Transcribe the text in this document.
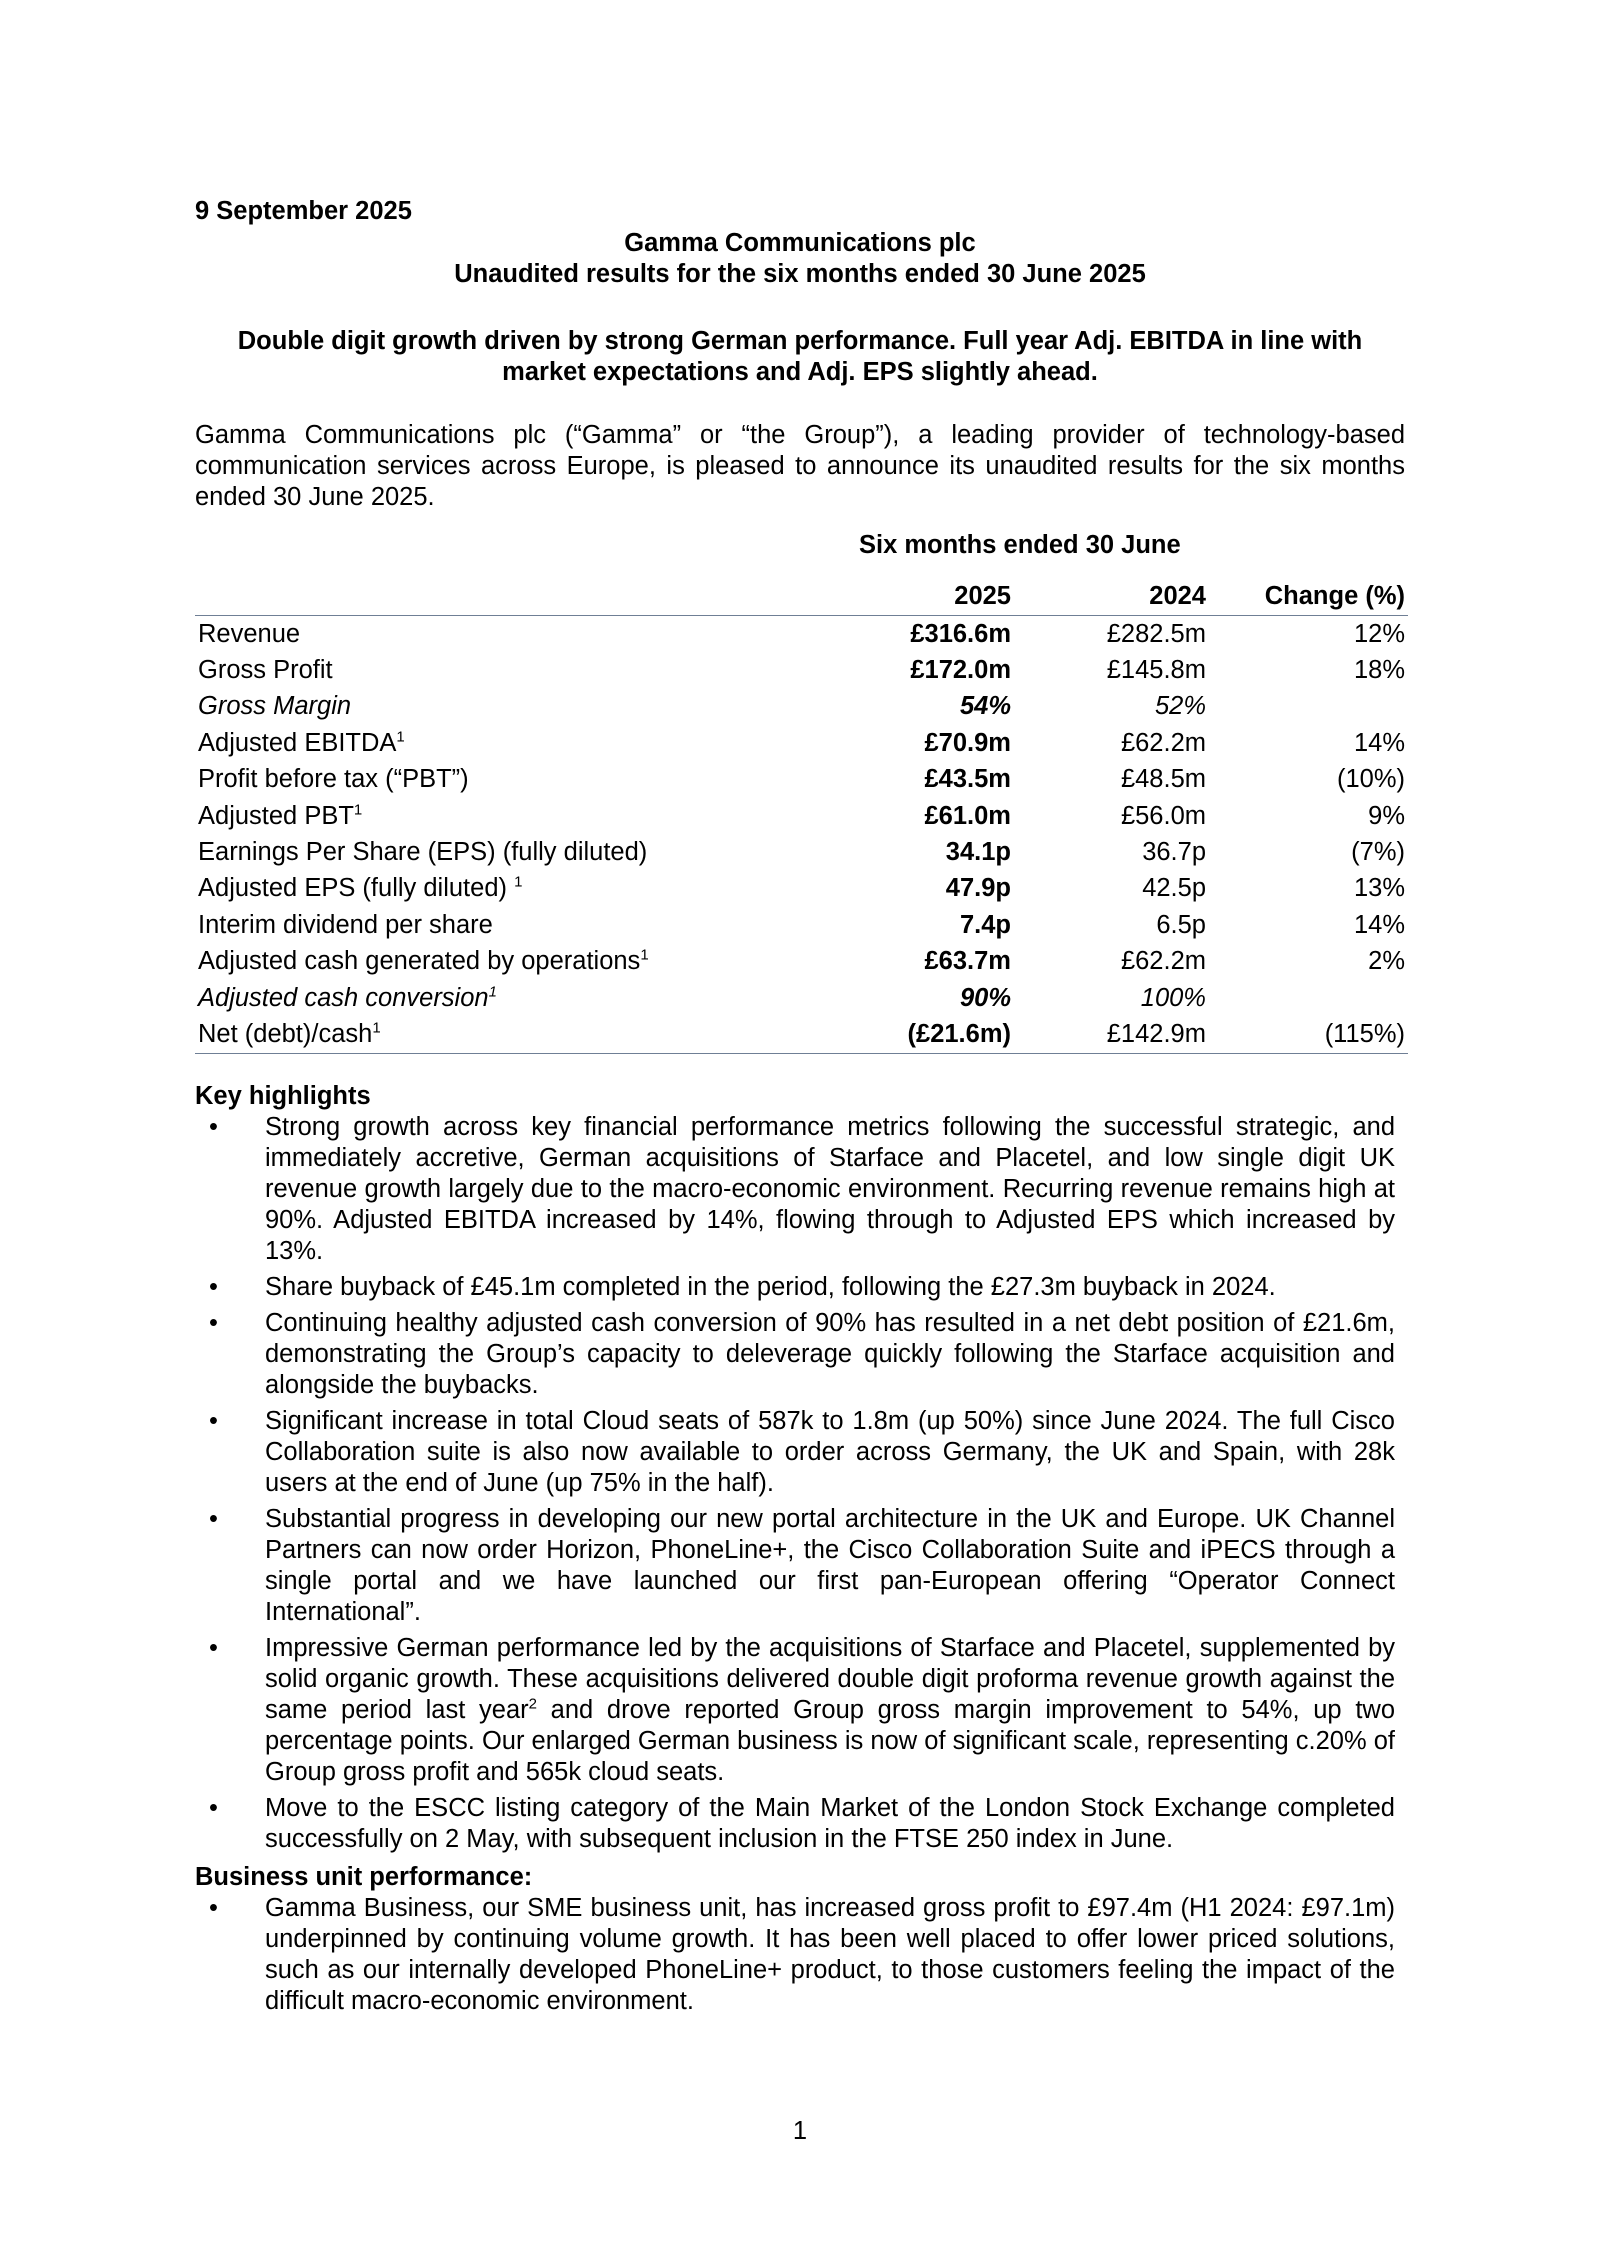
9 September 2025
Gamma Communications plc
Unaudited results for the six months ended 30 June 2025
Double digit growth driven by strong German performance. Full year Adj. EBITDA in line with
market expectations and Adj. EPS slightly ahead.
Gamma Communications plc (“Gamma” or “the Group”), a leading provider of technology-based communication services across Europe, is pleased to announce its unaudited results for the six months ended 30 June 2025.
Six months ended 30 June
	2025	2024	Change (%)
Revenue	£316.6m	£282.5m	12%
Gross Profit	£172.0m	£145.8m	18%
Gross Margin	54%	52%	
Adjusted EBITDA$^1$	£70.9m	£62.2m	14%
Profit before tax (“PBT”)	£43.5m	£48.5m	(10%)
Adjusted PBT$^1$	£61.0m	£56.0m	9%
Earnings Per Share (EPS) (fully diluted)	34.1p	36.7p	(7%)
Adjusted EPS (fully diluted) $^1$	47.9p	42.5p	13%
Interim dividend per share	7.4p	6.5p	14%
Adjusted cash generated by operations$^1$	£63.7m	£62.2m	2%
Adjusted cash conversion$^1$	90%	100%	
Net (debt)/cash$^1$	(£21.6m)	£142.9m	(115%)
Key highlights
• Strong growth across key financial performance metrics following the successful strategic, and immediately accretive, German acquisitions of Starface and Placetel, and low single digit UK revenue growth largely due to the macro-economic environment. Recurring revenue remains high at 90%. Adjusted EBITDA increased by 14%, flowing through to Adjusted EPS which increased by 13%.
• Share buyback of £45.1m completed in the period, following the £27.3m buyback in 2024.
• Continuing healthy adjusted cash conversion of 90% has resulted in a net debt position of £21.6m, demonstrating the Group’s capacity to deleverage quickly following the Starface acquisition and alongside the buybacks.
• Significant increase in total Cloud seats of 587k to 1.8m (up 50%) since June 2024. The full Cisco Collaboration suite is also now available to order across Germany, the UK and Spain, with 28k users at the end of June (up 75% in the half).
• Substantial progress in developing our new portal architecture in the UK and Europe. UK Channel Partners can now order Horizon, PhoneLine+, the Cisco Collaboration Suite and iPECS through a single portal and we have launched our first pan-European offering “Operator Connect International”.
• Impressive German performance led by the acquisitions of Starface and Placetel, supplemented by solid organic growth. These acquisitions delivered double digit proforma revenue growth against the same period last year$^2$ and drove reported Group gross margin improvement to 54%, up two percentage points. Our enlarged German business is now of significant scale, representing c.20% of Group gross profit and 565k cloud seats.
• Move to the ESCC listing category of the Main Market of the London Stock Exchange completed successfully on 2 May, with subsequent inclusion in the FTSE 250 index in June.
Business unit performance:
• Gamma Business, our SME business unit, has increased gross profit to £97.4m (H1 2024: £97.1m) underpinned by continuing volume growth. It has been well placed to offer lower priced solutions, such as our internally developed PhoneLine+ product, to those customers feeling the impact of the difficult macro-economic environment.
1
